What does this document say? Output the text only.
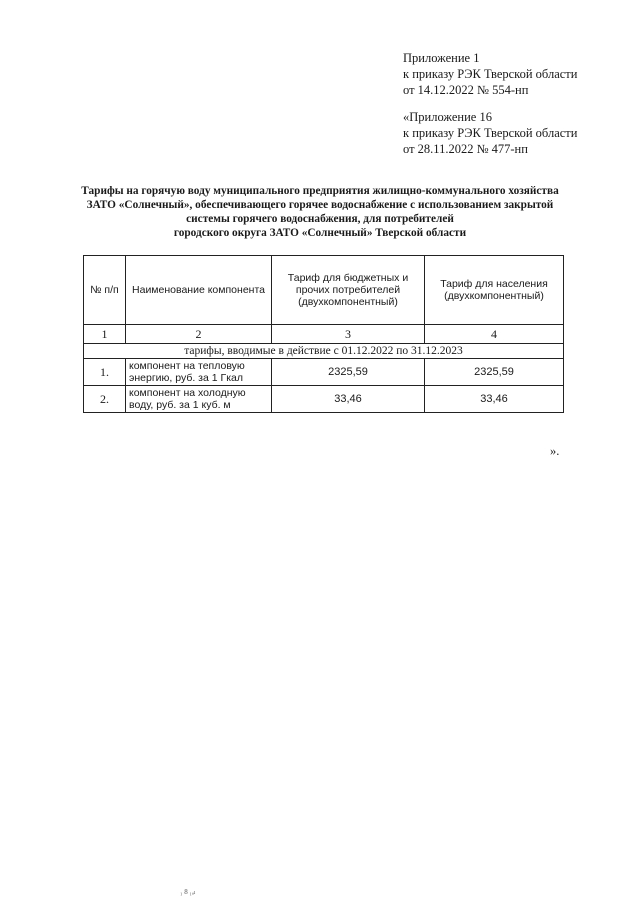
Приложение 1
к приказу РЭК Тверской области
от 14.12.2022 № 554-нп
«Приложение 16
к приказу РЭК Тверской области
от 28.11.2022 № 477-нп
Тарифы на горячую воду муниципального предприятия жилищно-коммунального хозяйства
ЗАТО «Солнечный», обеспечивающего горячее водоснабжение с использованием закрытой
системы горячего водоснабжения, для потребителей
городского округа ЗАТО «Солнечный» Тверской области
№ п/п	Наименование компонента	Тариф для бюджетных и прочих потребителей (двухкомпонентный)	Тариф для населения (двухкомпонентный)
1	2	3	4
тарифы, вводимые в действие с 01.12.2022 по 31.12.2023			
1.	компонент на тепловую энергию, руб. за 1 Гкал	2325,59	2325,59
2.	компонент на холодную воду, руб. за 1 куб. м	33,46	33,46
».
₁ 8 ₁ₐₗ
